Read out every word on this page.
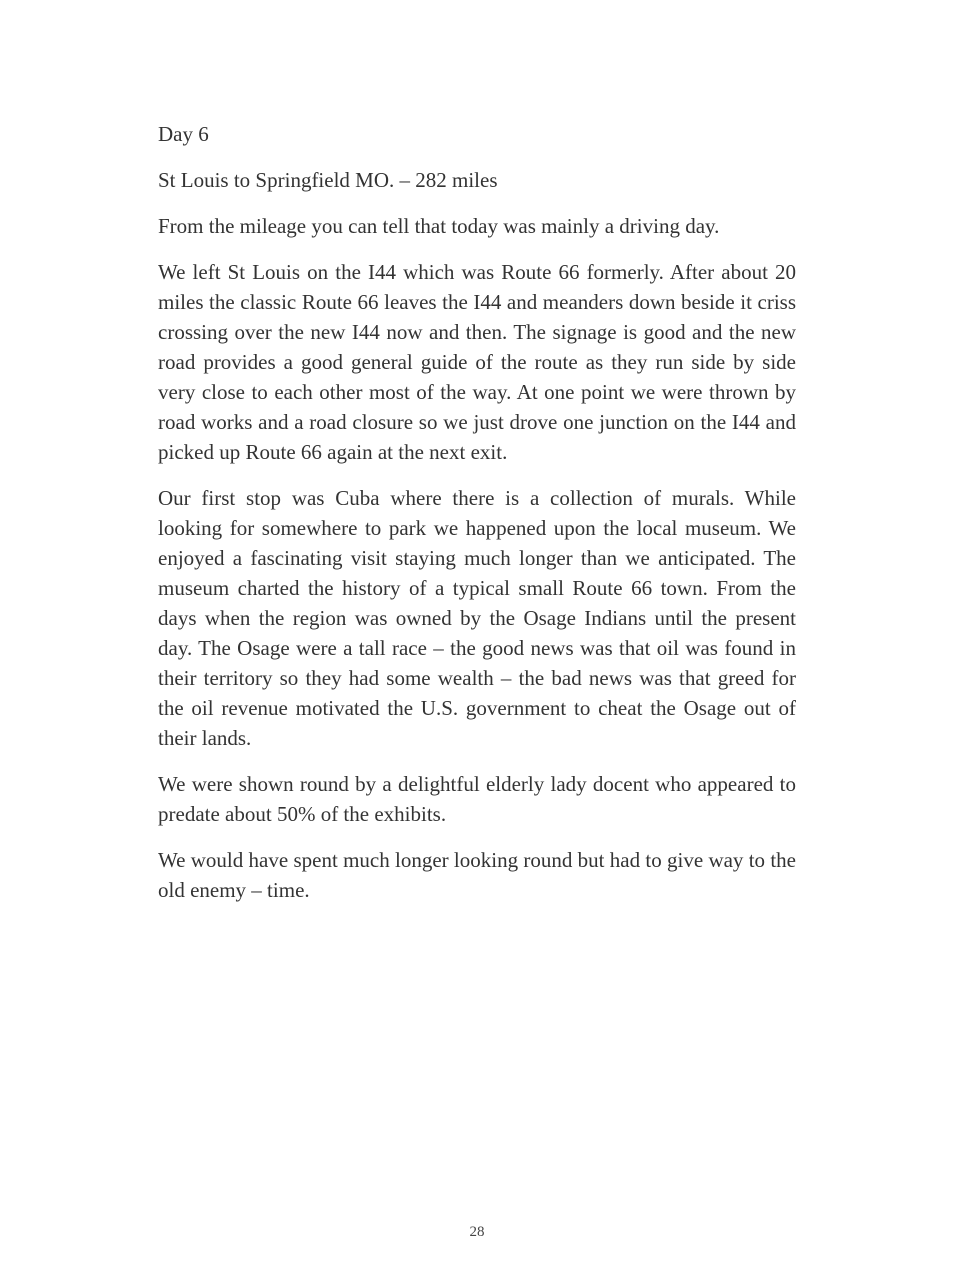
Day 6

St Louis to Springfield MO. – 282 miles

From the mileage you can tell that today was mainly a driving day.

We left St Louis on the I44 which was Route 66 formerly. After about 20 miles the classic Route 66 leaves the I44 and meanders down beside it criss crossing over the new I44 now and then. The signage is good and the new road provides a good general guide of the route as they run side by side very close to each other most of the way. At one point we were thrown by road works and a road closure so we just drove one junction on the I44 and picked up Route 66 again at the next exit.

Our first stop was Cuba where there is a collection of murals. While looking for somewhere to park we happened upon the local museum. We enjoyed a fascinating visit staying much longer than we anticipated. The museum charted the history of a typical small Route 66 town. From the days when the region was owned by the Osage Indians until the present day. The Osage were a tall race – the good news was that oil was found in their territory so they had some wealth – the bad news was that greed for the oil revenue motivated the U.S. government to cheat the Osage out of their lands.

We were shown round by a delightful elderly lady docent who appeared to predate about 50% of the exhibits.

We would have spent much longer looking round but had to give way to the old enemy – time.

28
